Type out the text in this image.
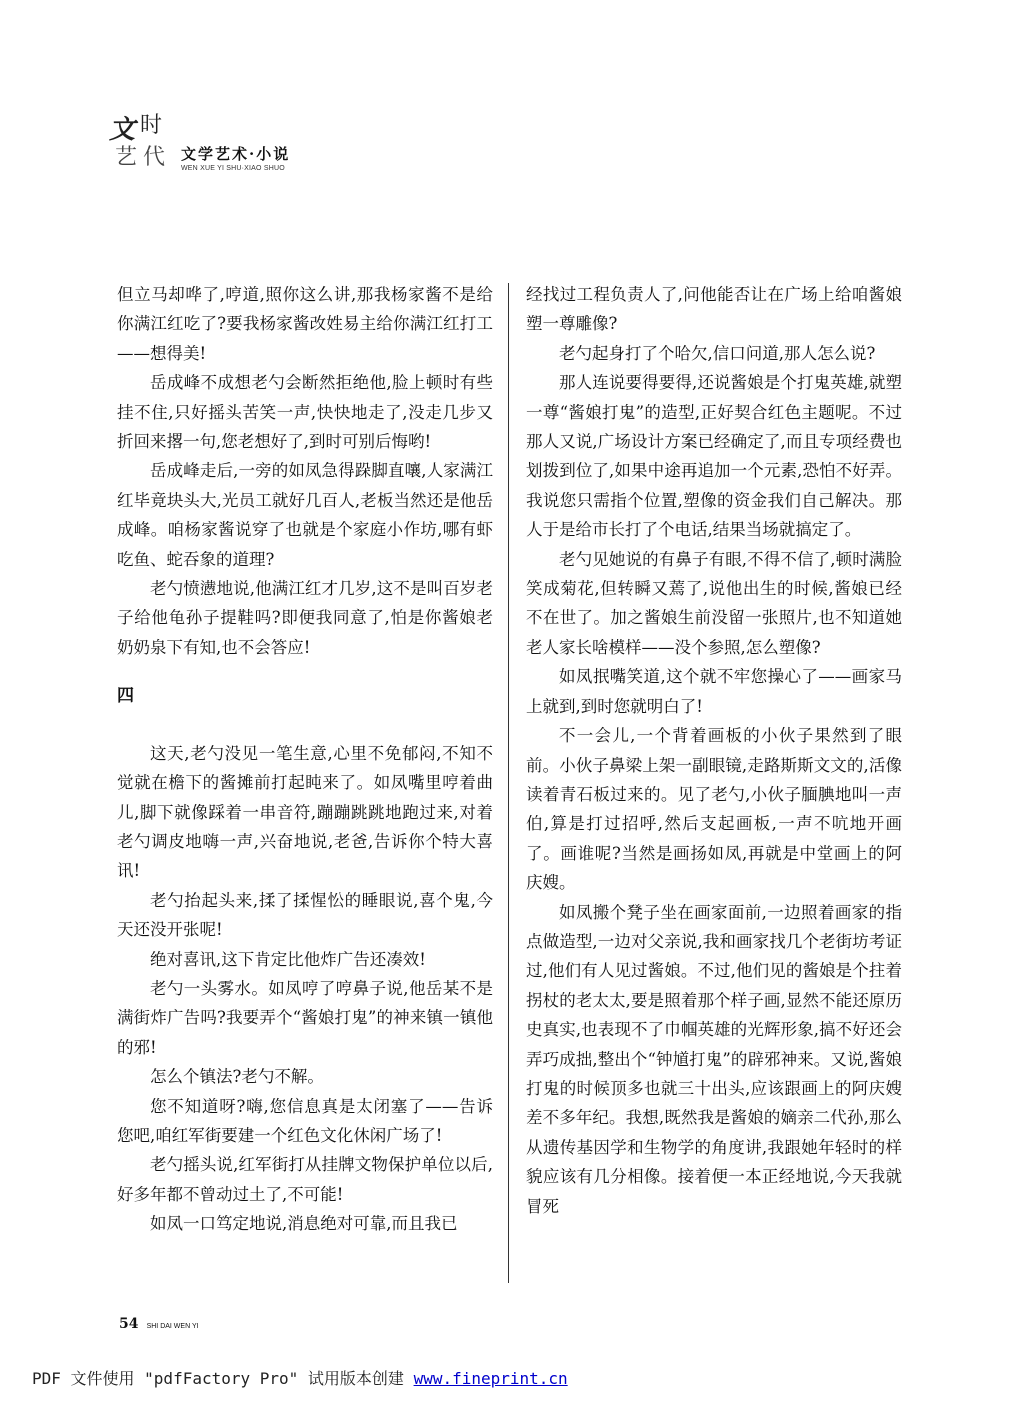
文 时
艺 代 文学艺术·小说
WEN XUE YI SHU·XIAO SHUO

但立马却哗了,哼道,照你这么讲,那我杨家酱不是给你满江红吃了?要我杨家酱改姓易主给你满江红打工——想得美!

岳成峰不成想老勺会断然拒绝他,脸上顿时有些挂不住,只好摇头苦笑一声,快快地走了,没走几步又折回来撂一句,您老想好了,到时可别后悔哟!

岳成峰走后,一旁的如凤急得跺脚直嚷,人家满江红毕竟块头大,光员工就好几百人,老板当然还是他岳成峰。咱杨家酱说穿了也就是个家庭小作坊,哪有虾吃鱼、蛇吞象的道理?

老勺愤懑地说,他满江红才几岁,这不是叫百岁老子给他龟孙子提鞋吗?即便我同意了,怕是你酱娘老奶奶泉下有知,也不会答应!

四

这天,老勺没见一笔生意,心里不免郁闷,不知不觉就在檐下的酱摊前打起盹来了。如凤嘴里哼着曲儿,脚下就像踩着一串音符,蹦蹦跳跳地跑过来,对着老勺调皮地嗨一声,兴奋地说,老爸,告诉你个特大喜讯!

老勺抬起头来,揉了揉惺忪的睡眼说,喜个鬼,今天还没开张呢!

绝对喜讯,这下肯定比他炸广告还凑效!

老勺一头雾水。如凤哼了哼鼻子说,他岳某不是满街炸广告吗?我要弄个“酱娘打鬼”的神来镇一镇他的邪!

怎么个镇法?老勺不解。

您不知道呀?嗨,您信息真是太闭塞了——告诉您吧,咱红军街要建一个红色文化休闲广场了!

老勺摇头说,红军街打从挂牌文物保护单位以后,好多年都不曾动过土了,不可能!

如凤一口笃定地说,消息绝对可靠,而且我已

经找过工程负责人了,问他能否让在广场上给咱酱娘塑一尊雕像?

老勺起身打了个哈欠,信口问道,那人怎么说?

那人连说要得要得,还说酱娘是个打鬼英雄,就塑一尊“酱娘打鬼”的造型,正好契合红色主题呢。不过那人又说,广场设计方案已经确定了,而且专项经费也划拨到位了,如果中途再追加一个元素,恐怕不好弄。我说您只需指个位置,塑像的资金我们自己解决。那人于是给市长打了个电话,结果当场就搞定了。

老勺见她说的有鼻子有眼,不得不信了,顿时满脸笑成菊花,但转瞬又蔫了,说他出生的时候,酱娘已经不在世了。加之酱娘生前没留一张照片,也不知道她老人家长啥模样——没个参照,怎么塑像?

如凤抿嘴笑道,这个就不牢您操心了——画家马上就到,到时您就明白了!

不一会儿,一个背着画板的小伙子果然到了眼前。小伙子鼻梁上架一副眼镜,走路斯斯文文的,活像读着青石板过来的。见了老勺,小伙子腼腆地叫一声伯,算是打过招呼,然后支起画板,一声不吭地开画了。画谁呢?当然是画扬如凤,再就是中堂画上的阿庆嫂。

如凤搬个凳子坐在画家面前,一边照着画家的指点做造型,一边对父亲说,我和画家找几个老街坊考证过,他们有人见过酱娘。不过,他们见的酱娘是个拄着拐杖的老太太,要是照着那个样子画,显然不能还原历史真实,也表现不了巾帼英雄的光辉形象,搞不好还会弄巧成拙,整出个“钟馗打鬼”的辟邪神来。又说,酱娘打鬼的时候顶多也就三十出头,应该跟画上的阿庆嫂差不多年纪。我想,既然我是酱娘的嫡亲二代孙,那么从遗传基因学和生物学的角度讲,我跟她年轻时的样貌应该有几分相像。接着便一本正经地说,今天我就冒死

54 SHI DAI WEN YI
PDF 文件使用 "pdfFactory Pro" 试用版本创建 www.fineprint.cn
